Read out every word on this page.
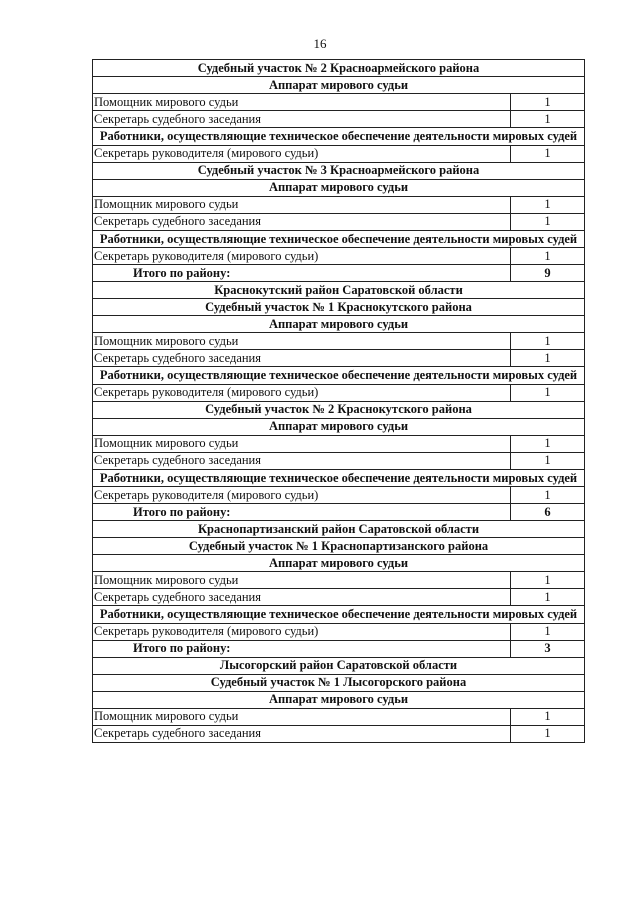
16
Судебный участок № 2 Красноармейского района	
Аппарат мирового судьи	
Помощник мирового судьи	1
Секретарь судебного заседания	1
Работники, осуществляющие техническое обеспечение деятельности мировых судей	
Секретарь руководителя (мирового судьи)	1
Судебный участок № 3 Красноармейского района	
Аппарат мирового судьи	
Помощник мирового судьи	1
Секретарь судебного заседания	1
Работники, осуществляющие техническое обеспечение деятельности мировых судей	
Секретарь руководителя (мирового судьи)	1
Итого по району:	9
Краснокутский район Саратовской области	
Судебный участок № 1 Краснокутского района	
Аппарат мирового судьи	
Помощник мирового судьи	1
Секретарь судебного заседания	1
Работники, осуществляющие техническое обеспечение деятельности мировых судей	
Секретарь руководителя (мирового судьи)	1
Судебный участок № 2 Краснокутского района	
Аппарат мирового судьи	
Помощник мирового судьи	1
Секретарь судебного заседания	1
Работники, осуществляющие техническое обеспечение деятельности мировых судей	
Секретарь руководителя (мирового судьи)	1
Итого по району:	6
Краснопартизанский район Саратовской области	
Судебный участок № 1 Краснопартизанского района	
Аппарат мирового судьи	
Помощник мирового судьи	1
Секретарь судебного заседания	1
Работники, осуществляющие техническое обеспечение деятельности мировых судей	
Секретарь руководителя (мирового судьи)	1
Итого по району:	3
Лысогорский район Саратовской области	
Судебный участок № 1 Лысогорского района	
Аппарат мирового судьи	
Помощник мирового судьи	1
Секретарь судебного заседания	1
